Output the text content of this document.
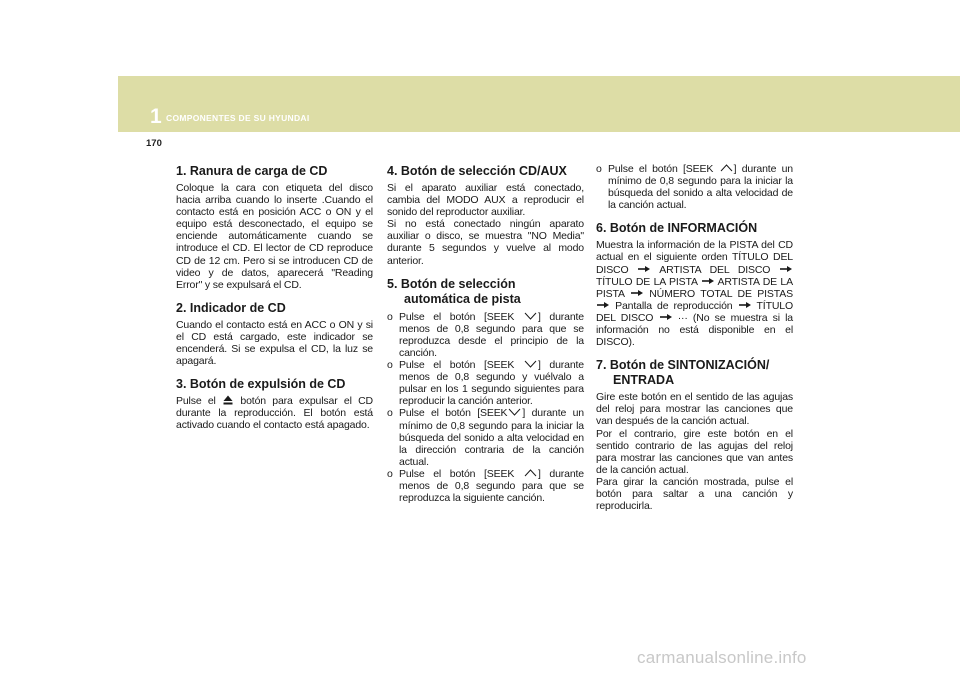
1 COMPONENTES DE SU HYUNDAI
170
1. Ranura de carga de CD

Coloque la cara con etiqueta del disco hacia arriba cuando lo inserte .Cuando el contacto está en posición ACC o ON y el equipo está desconectado, el equipo se enciende automáticamente cuando se introduce el CD. El lector de CD reproduce CD de 12 cm. Pero si se introducen CD de video y de datos, aparecerá "Reading Error" y se expulsará el CD.

2. Indicador de CD

Cuando el contacto está en ACC o ON y si el CD está cargado, este indicador se encenderá. Si se expulsa el CD, la luz se apagará.

3. Botón de expulsión de CD

Pulse el botón para expulsar el CD durante la reproducción. El botón está activado cuando el contacto está apagado.

4. Botón de selección CD/AUX

Si el aparato auxiliar está conectado, cambia del MODO AUX a reproducir el sonido del reproductor auxiliar.

Si no está conectado ningún aparato auxiliar o disco, se muestra "NO Media" durante 5 segundos y vuelve al modo anterior.

5. Botón de selección
automática de pista
o Pulse el botón [SEEK ] durante menos de 0,8 segundo para que se reproduzca desde el principio de la canción.
o Pulse el botón [SEEK ] durante menos de 0,8 segundo y vuélvalo a pulsar en los 1 segundo siguientes para reproducir la canción anterior.
o Pulse el botón [SEEK ] durante un mínimo de 0,8 segundo para la iniciar la búsqueda del sonido a alta velocidad en la dirección contraria de la canción actual.
o Pulse el botón [SEEK ] durante menos de 0,8 segundo para que se reproduzca la siguiente canción.
o Pulse el botón [SEEK ] durante un mínimo de 0,8 segundo para la iniciar la búsqueda del sonido a alta velocidad de la canción actual.
6. Botón de INFORMACIÓN

Muestra la información de la PISTA del CD actual en el siguiente orden TÍTULO DEL DISCO	ARTISTA DEL DISCO  TÍTULO DE LA PISTA ARTISTA DE LA PISTA NÚMERO TOTAL DE PISTAS  Pantalla de reproducción TÍTULO DEL DISCO ··· (No se muestra si la información no está disponible en el DISCO).

7. Botón de SINTONIZACIÓN/
ENTRADA

Gire este botón en el sentido de las agujas del reloj para mostrar las canciones que van después de la canción actual.

Por el contrario, gire este botón en el sentido contrario de las agujas del reloj para mostrar las canciones que van antes de la canción actual.

Para girar la canción mostrada, pulse el botón para saltar a una canción y reproducirla.

carmanualsonline.info
